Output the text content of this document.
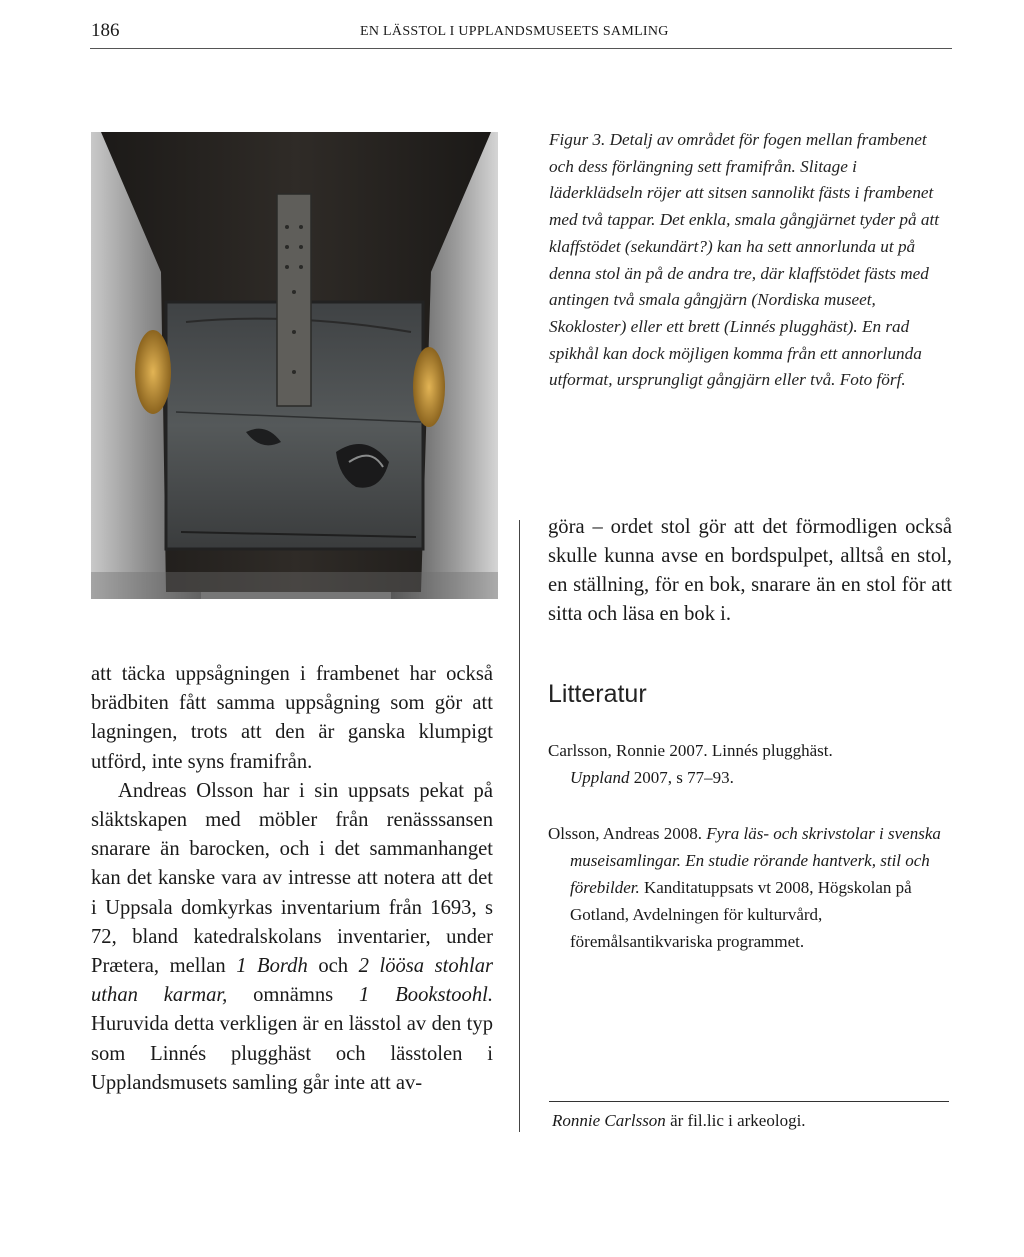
186	EN LÄSSTOL I UPPLANDSMUSEETS SAMLING
Figur 3. Detalj av området för fogen mellan frambenet och dess förlängning sett framifrån. Slitage i läderklädseln röjer att sitsen sannolikt fästs i frambenet med två tappar. Det enkla, smala gångjärnet tyder på att klaffstödet (sekundärt?) kan ha sett annorlunda ut på denna stol än på de andra tre, där klaffstödet fästs med antingen två smala gångjärn (Nordiska museet, Skokloster) eller ett brett (Linnés plugghäst). En rad spikhål kan dock möjligen komma från ett annorlunda utformat, ursprungligt gångjärn eller två. Foto förf.

att täcka uppsågningen i frambenet har också brädbiten fått samma uppsågning som gör att lagningen, trots att den är ganska klumpigt utförd, inte syns framifrån.

Andreas Olsson har i sin uppsats pekat på släktskapen med möbler från renässsansen snarare än barocken, och i det sammanhanget kan det kanske vara av intresse att notera att det i Uppsala domkyrkas inventarium från 1693, s 72, bland katedralskolans inventarier, under Prætera, mellan 1 Bordh och 2 löösa stohlar uthan karmar, omnämns 1 Bookstoohl. Huruvida detta verkligen är en lässtol av den typ som Linnés plugghäst och lässtolen i Upplandsmusets samling går inte att av-

göra – ordet stol gör att det förmodligen också skulle kunna avse en bordspulpet, alltså en stol, en ställning, för en bok, snarare än en stol för att sitta och läsa en bok i.

Litteratur
Carlsson, Ronnie 2007. Linnés plugghäst.
Uppland 2007, s 77–93.
Olsson, Andreas 2008. Fyra läs- och skrivstolar i svenska museisamlingar. En studie rörande hantverk, stil och förebilder. Kanditatuppsats vt 2008, Högskolan på Gotland, Avdelningen för kulturvård, föremålsantikvariska programmet.
Ronnie Carlsson är fil.lic i arkeologi.
